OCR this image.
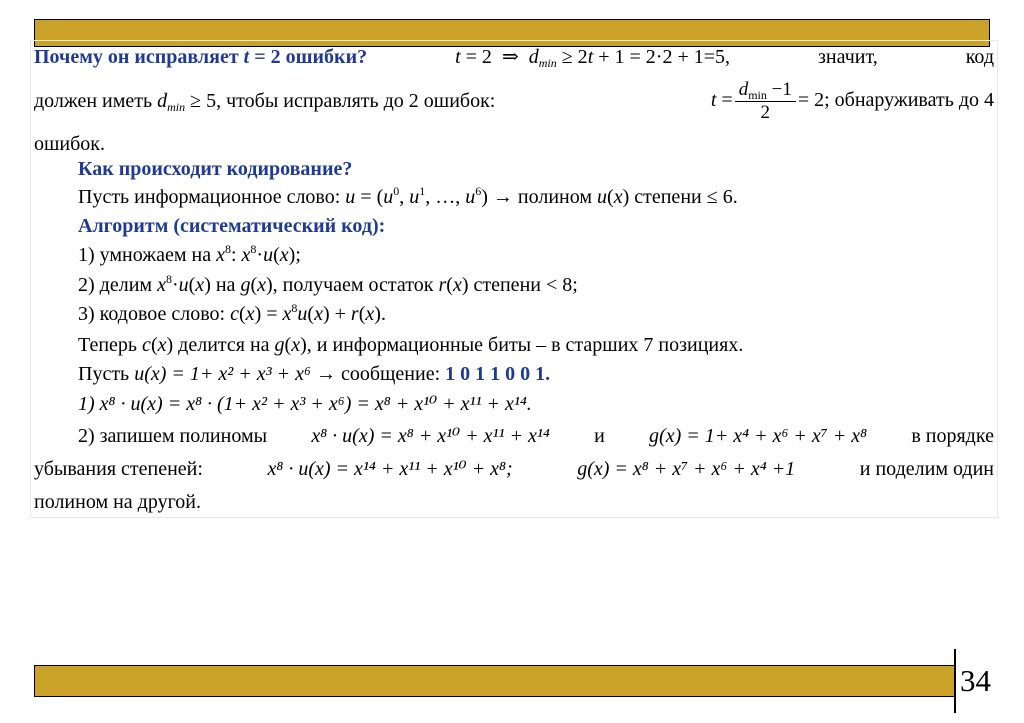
Почему он исправляет t = 2 ошибки?	t = 2 ⇒ $d_{min} \ge 2t + 1 = 2\cdot 2 + 1=5$,	значит,	код
должен иметь $d_{min} \ge 5$, чтобы исправлять до 2 ошибок:	$t = \frac{d_{min} -1}{2} = 2$; обнаруживать до 4
ошибок.
Как происходит кодирование?
Пусть информационное слово: $u = (u^0$, $u^1$, …, $u^6$) → полином u(x) степени ≤ 6.
Алгоритм (систематический код):
1) умножаем на $x^8$: $x^8\cdot u(x)$;
2) делим $x^8\cdot u(x)$ на g(x), получаем остаток r(x) степени < 8;
3) кодовое слово: $c(x) = x^8u(x) + r(x)$.
Теперь c(x) делится на g(x), и информационные биты – в старших 7 позициях.
Пусть u(x) = 1+ x² + x³ + x⁶ → сообщение: 1 0 1 1 0 0 1.
1) x⁸ · u(x) = x⁸ · (1+ x² + x³ + x⁶) = x⁸ + x¹⁰ + x¹¹ + x¹⁴.
2) запишем полиномы x⁸ · u(x) = x⁸ + x¹⁰ + x¹¹ + x¹⁴ и g(x) = 1+ x⁴ + x⁶ + x⁷ + x⁸ в порядке
убывания степеней:	x⁸ · u(x) = x¹⁴ + x¹¹ + x¹⁰ + x⁸;	g(x) = x⁸ + x⁷ + x⁶ + x⁴ +1	и поделим один
полином на другой.
34
